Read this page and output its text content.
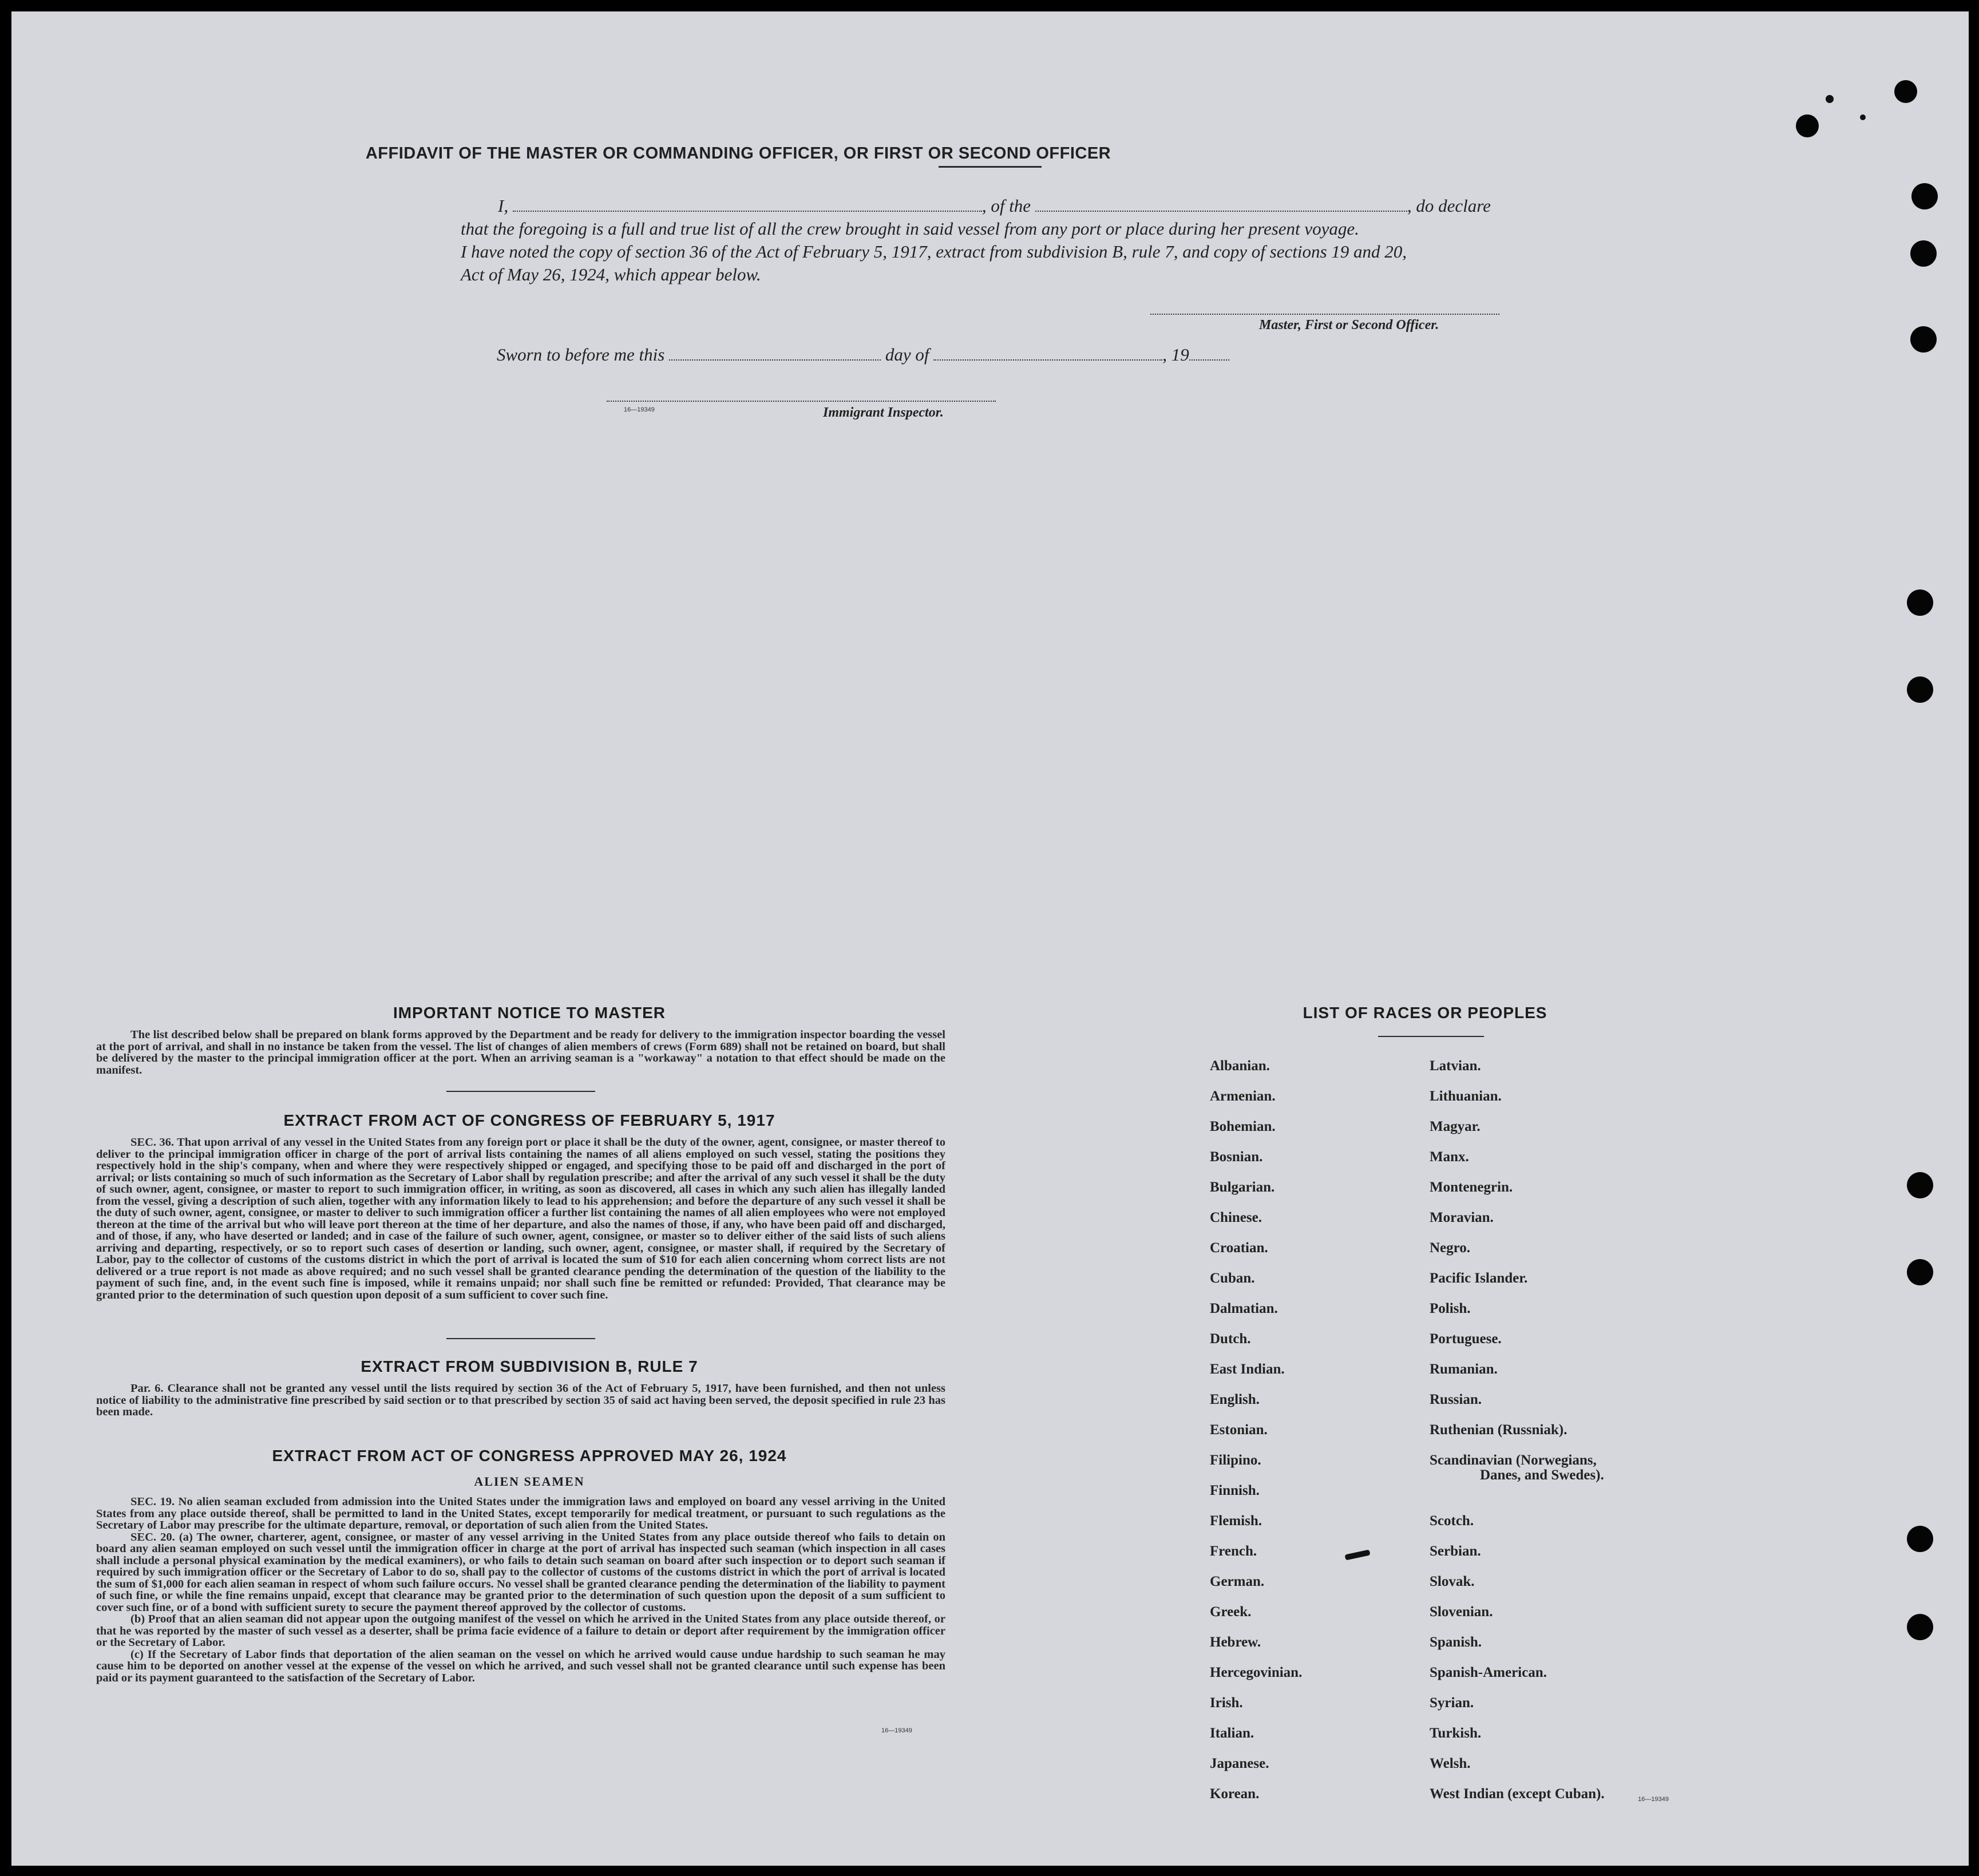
AFFIDAVIT OF THE MASTER OR COMMANDING OFFICER, OR FIRST OR SECOND OFFICER
I,	, of the	, do declare
that the foregoing is a full and true list of all the crew brought in said vessel from any port or place during her present voyage.
I have noted the copy of section 36 of the Act of February 5, 1917, extract from subdivision B, rule 7, and copy of sections 19 and 20,
Act of May 26, 1924, which appear below.
Master, First or Second Officer.
Sworn to before me this	day of	, 19
16—19349	Immigrant Inspector.
IMPORTANT NOTICE TO MASTER

The list described below shall be prepared on blank forms approved by the Department and be ready for delivery to the immigration inspector boarding the vessel at the port of arrival, and shall in no instance be taken from the vessel. The list of changes of alien members of crews (Form 689) shall not be retained on board, but shall be delivered by the master to the principal immigration officer at the port. When an arriving seaman is a "workaway" a notation to that effect should be made on the manifest.

EXTRACT FROM ACT OF CONGRESS OF FEBRUARY 5, 1917

SEC. 36. That upon arrival of any vessel in the United States from any foreign port or place it shall be the duty of the owner, agent, consignee, or master thereof to deliver to the principal immigration officer in charge of the port of arrival lists containing the names of all aliens employed on such vessel, stating the positions they respectively hold in the ship's company, when and where they were respectively shipped or engaged, and specifying those to be paid off and discharged in the port of arrival; or lists containing so much of such information as the Secretary of Labor shall by regulation prescribe; and after the arrival of any such vessel it shall be the duty of such owner, agent, consignee, or master to report to such immigration officer, in writing, as soon as discovered, all cases in which any such alien has illegally landed from the vessel, giving a description of such alien, together with any information likely to lead to his apprehension; and before the departure of any such vessel it shall be the duty of such owner, agent, consignee, or master to deliver to such immigration officer a further list containing the names of all alien employees who were not employed thereon at the time of the arrival but who will leave port thereon at the time of her departure, and also the names of those, if any, who have been paid off and discharged, and of those, if any, who have deserted or landed; and in case of the failure of such owner, agent, consignee, or master so to deliver either of the said lists of such aliens arriving and departing, respectively, or so to report such cases of desertion or landing, such owner, agent, consignee, or master shall, if required by the Secretary of Labor, pay to the collector of customs of the customs district in which the port of arrival is located the sum of $10 for each alien concerning whom correct lists are not delivered or a true report is not made as above required; and no such vessel shall be granted clearance pending the determination of the question of the liability to the payment of such fine, and, in the event such fine is imposed, while it remains unpaid; nor shall such fine be remitted or refunded: Provided, That clearance may be granted prior to the determination of such question upon deposit of a sum sufficient to cover such fine.

EXTRACT FROM SUBDIVISION B, RULE 7

Par. 6. Clearance shall not be granted any vessel until the lists required by section 36 of the Act of February 5, 1917, have been furnished, and then not unless notice of liability to the administrative fine prescribed by said section or to that prescribed by section 35 of said act having been served, the deposit specified in rule 23 has been made.

EXTRACT FROM ACT OF CONGRESS APPROVED MAY 26, 1924
ALIEN SEAMEN

SEC. 19. No alien seaman excluded from admission into the United States under the immigration laws and employed on board any vessel arriving in the United States from any place outside thereof, shall be permitted to land in the United States, except temporarily for medical treatment, or pursuant to such regulations as the Secretary of Labor may prescribe for the ultimate departure, removal, or deportation of such alien from the United States.

SEC. 20. (a) The owner, charterer, agent, consignee, or master of any vessel arriving in the United States from any place outside thereof who fails to detain on board any alien seaman employed on such vessel until the immigration officer in charge at the port of arrival has inspected such seaman (which inspection in all cases shall include a personal physical examination by the medical examiners), or who fails to detain such seaman on board after such inspection or to deport such seaman if required by such immigration officer or the Secretary of Labor to do so, shall pay to the collector of customs of the customs district in which the port of arrival is located the sum of $1,000 for each alien seaman in respect of whom such failure occurs. No vessel shall be granted clearance pending the determination of the liability to payment of such fine, or while the fine remains unpaid, except that clearance may be granted prior to the determination of such question upon the deposit of a sum sufficient to cover such fine, or of a bond with sufficient surety to secure the payment thereof approved by the collector of customs.

(b) Proof that an alien seaman did not appear upon the outgoing manifest of the vessel on which he arrived in the United States from any place outside thereof, or that he was reported by the master of such vessel as a deserter, shall be prima facie evidence of a failure to detain or deport after requirement by the immigration officer or the Secretary of Labor.

(c) If the Secretary of Labor finds that deportation of the alien seaman on the vessel on which he arrived would cause undue hardship to such seaman he may cause him to be deported on another vessel at the expense of the vessel on which he arrived, and such vessel shall not be granted clearance until such expense has been paid or its payment guaranteed to the satisfaction of the Secretary of Labor.

16—19349
LIST OF RACES OR PEOPLES
Albanian.
Armenian.
Bohemian.
Bosnian.
Bulgarian.
Chinese.
Croatian.
Cuban.
Dalmatian.
Dutch.
East Indian.
English.
Estonian.
Filipino.
Finnish.
Flemish.
French.
German.
Greek.
Hebrew.
Hercegovinian.
Irish.
Italian.
Japanese.
Korean.
Latvian.
Lithuanian.
Magyar.
Manx.
Montenegrin.
Moravian.
Negro.
Pacific Islander.
Polish.
Portuguese.
Rumanian.
Russian.
Ruthenian (Russniak).
Scandinavian (Norwegians,
Danes, and Swedes).
Scotch.
Serbian.
Slovak.
Slovenian.
Spanish.
Spanish-American.
Syrian.
Turkish.
Welsh.
West Indian (except Cuban).	16—19349
